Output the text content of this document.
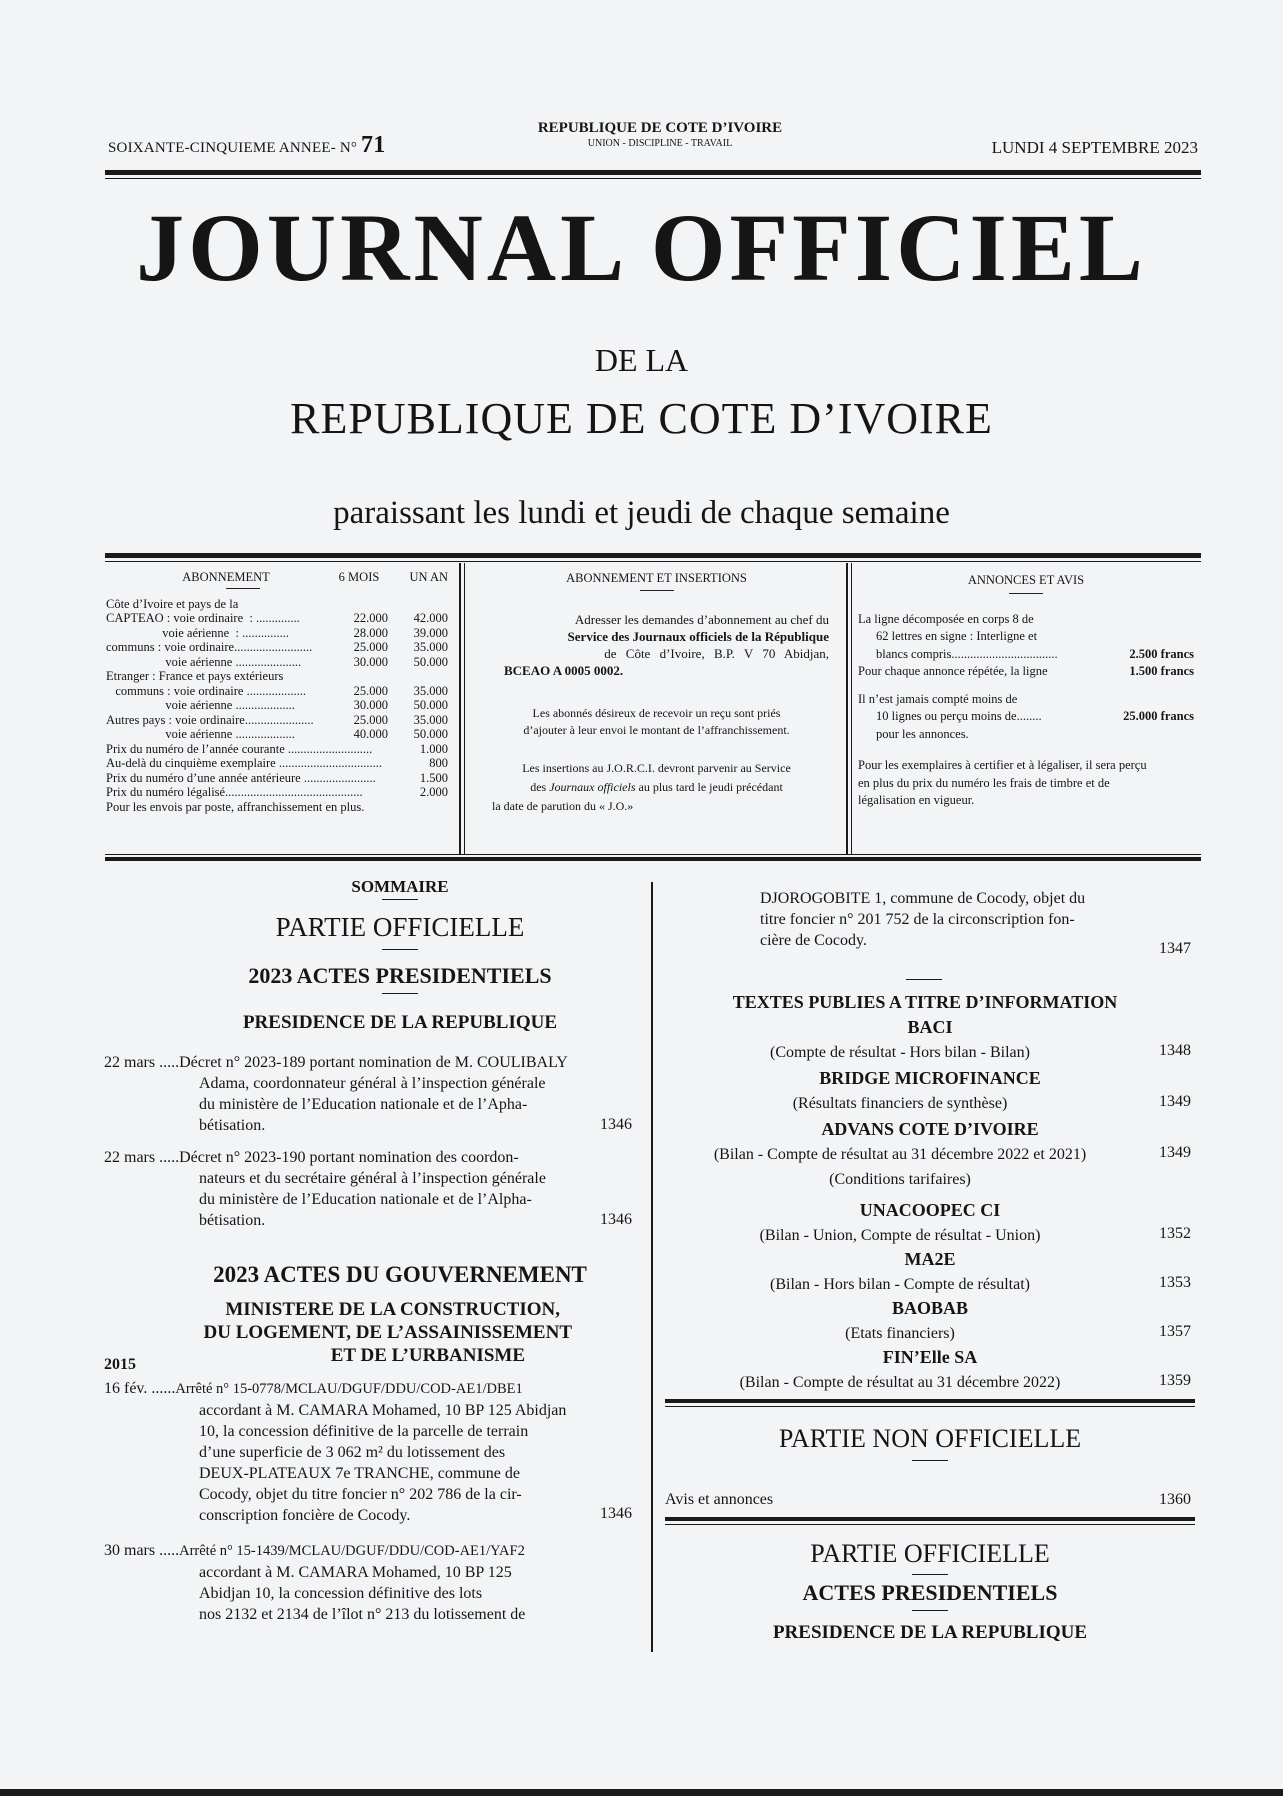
SOIXANTE-CINQUIEME ANNEE- N° 71
REPUBLIQUE DE COTE D’IVOIRE
UNION - DISCIPLINE - TRAVAIL	LUNDI 4 SEPTEMBRE 2023
JOURNAL OFFICIEL
DE LA
REPUBLIQUE DE COTE D’IVOIRE
paraissant les lundi et jeudi de chaque semaine
ABONNEMENT	6 MOIS	UN AN
Côte d’Ivoire et pays de la
CAPTEAO : voie ordinaire  : ..............	22.000	42.000
voie aérienne  : ...............	28.000	39.000
communs : voie ordinaire.........................	25.000	35.000
voie aérienne .....................	30.000	50.000
Etranger : France et pays extérieurs
communs : voie ordinaire ...................	25.000	35.000
voie aérienne ...................	30.000	50.000
Autres pays : voie ordinaire......................	25.000	35.000
voie aérienne ...................	40.000	50.000
Prix du numéro de l’année courante ...........................	1.000
Au-delà du cinquième exemplaire .................................	800
Prix du numéro d’une année antérieure .......................	1.500
Prix du numéro légalisé............................................	2.000
Pour les envois par poste, affranchissement en plus.
ABONNEMENT ET INSERTIONS
Adresser les demandes d’abonnement au chef du
Service des Journaux officiels de la République
de Côte d’Ivoire, B.P. V 70 Abidjan,
BCEAO A 0005 0002.
Les abonnés désireux de recevoir un reçu sont priés
d’ajouter à leur envoi le montant de l’affranchissement.
Les insertions au J.O.R.C.I. devront parvenir au Service
des Journaux officiels au plus tard le jeudi précédant
la date de parution du « J.O.»
ANNONCES ET AVIS
La ligne décomposée en corps 8 de
62 lettres en signe : Interligne et
blancs compris..................................	2.500 francs
Pour chaque annonce répétée, la ligne	1.500 francs
Il n’est jamais compté moins de
10 lignes ou perçu moins de........	25.000 francs
pour les annonces.
Pour les exemplaires à certifier et à légaliser, il sera perçu
en plus du prix du numéro les frais de timbre et de
légalisation en vigueur.
SOMMAIRE
PARTIE OFFICIELLE
2023 ACTES PRESIDENTIELS
PRESIDENCE DE LA REPUBLIQUE
22 mars .....Décret n° 2023-189 portant nomination de M. COULIBALY
Adama, coordonnateur général à l’inspection générale
du ministère de l’Education nationale et de l’Apha-
bétisation.	1346
22 mars .....Décret n° 2023-190 portant nomination des coordon-
nateurs et du secrétaire général à l’inspection générale
du ministère de l’Education nationale et de l’Alpha-
bétisation.	1346
2023 ACTES DU GOUVERNEMENT
MINISTERE DE LA CONSTRUCTION,
DU LOGEMENT, DE L’ASSAINISSEMENT
ET DE L’URBANISME
2015
16 fév. ......Arrêté n° 15-0778/MCLAU/DGUF/DDU/COD-AE1/DBE1
accordant à M. CAMARA Mohamed, 10 BP 125 Abidjan
10, la concession définitive de la parcelle de terrain
d’une superficie de 3 062 m² du lotissement des
DEUX-PLATEAUX 7e TRANCHE, commune de
Cocody, objet du titre foncier n° 202 786 de la cir-
conscription foncière de Cocody.	1346
30 mars .....Arrêté n° 15-1439/MCLAU/DGUF/DDU/COD-AE1/YAF2
accordant à M. CAMARA Mohamed, 10 BP 125
Abidjan 10, la concession définitive des lots
nos 2132 et 2134 de l’îlot n° 213 du lotissement de
DJOROGOBITE 1, commune de Cocody, objet du
titre foncier n° 201 752 de la circonscription fon-
cière de Cocody.	1347
TEXTES PUBLIES A TITRE D’INFORMATION
BACI
(Compte de résultat - Hors bilan - Bilan)	1348
BRIDGE MICROFINANCE
(Résultats financiers de synthèse)	1349
ADVANS COTE D’IVOIRE
(Bilan - Compte de résultat au 31 décembre 2022 et 2021)	1349
(Conditions tarifaires)
UNACOOPEC CI
(Bilan - Union, Compte de résultat - Union)	1352
MA2E
(Bilan - Hors bilan - Compte de résultat)	1353
BAOBAB
(Etats financiers)	1357
FIN’Elle SA
(Bilan - Compte de résultat au 31 décembre 2022)	1359
PARTIE NON OFFICIELLE
Avis et annonces	1360
PARTIE OFFICIELLE
ACTES PRESIDENTIELS
PRESIDENCE DE LA REPUBLIQUE
